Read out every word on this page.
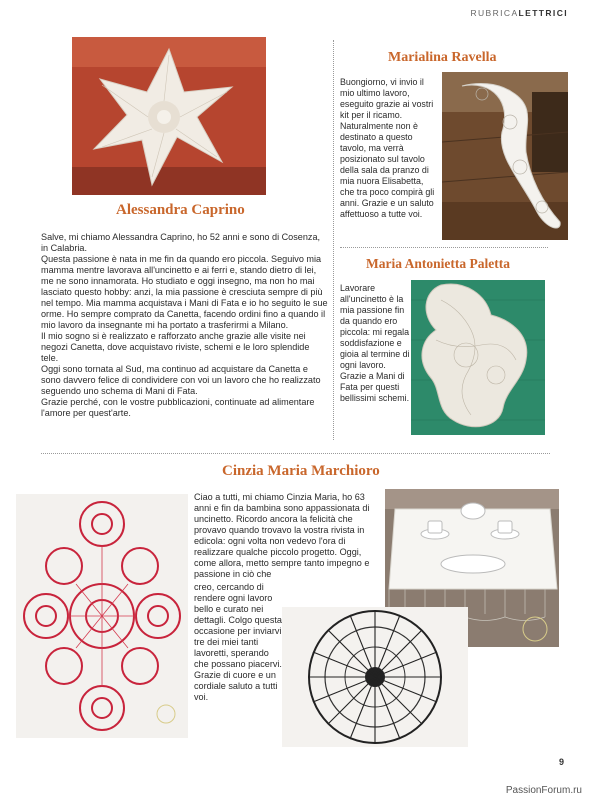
RUBRICALETTRICI
Alessandra Caprino

Salve, mi chiamo Alessandra Caprino, ho 52 anni e sono di Cosenza, in Calabria.

Questa passione è nata in me fin da quando ero piccola. Seguivo mia mamma mentre lavorava all'uncinetto e ai ferri e, stando dietro di lei, me ne sono innamorata. Ho studiato e oggi insegno, ma non ho mai lasciato questo hobby: anzi, la mia passione è cresciuta sempre di più nel tempo. Mia mamma acquistava i Mani di Fata e io ho seguito le sue orme. Ho sempre comprato da Canetta, facendo ordini fino a quando il mio lavoro da insegnante mi ha portato a trasferirmi a Milano.

Il mio sogno si è realizzato e rafforzato anche grazie alle visite nei negozi Canetta, dove acquistavo riviste, schemi e le loro splendide tele.

Oggi sono tornata al Sud, ma continuo ad acquistare da Canetta e sono davvero felice di condividere con voi un lavoro che ho realizzato seguendo uno schema di Mani di Fata.

Grazie perché, con le vostre pubblicazioni, continuate ad alimentare l'amore per quest'arte.

Marialina Ravella
Buongiorno, vi invio il mio ultimo lavoro, eseguito grazie ai vostri kit per il ricamo. Naturalmente non è destinato a questo tavolo, ma verrà posizionato sul tavolo della sala da pranzo di mia nuora Elisabetta, che tra poco compirà gli anni. Grazie e un saluto affettuoso a tutte voi.
Maria Antonietta Paletta
Lavorare all'uncinetto è la mia passione fin da quando ero piccola: mi regala soddisfazione e gioia al termine di ogni lavoro. Grazie a Mani di Fata per questi bellissimi schemi.
Cinzia Maria Marchioro
Ciao a tutti, mi chiamo Cinzia Maria, ho 63 anni e fin da bambina sono appassionata di uncinetto. Ricordo ancora la felicità che provavo quando trovavo la vostra rivista in edicola: ogni volta non vedevo l'ora di realizzare qualche piccolo progetto. Oggi, come allora, metto sempre tanto impegno e passione in ciò che
creo, cercando di rendere ogni lavoro bello e curato nei dettagli. Colgo questa occasione per inviarvi tre dei miei tanti lavoretti, sperando che possano piacervi. Grazie di cuore e un cordiale saluto a tutti voi.
9
PassionForum.ru
